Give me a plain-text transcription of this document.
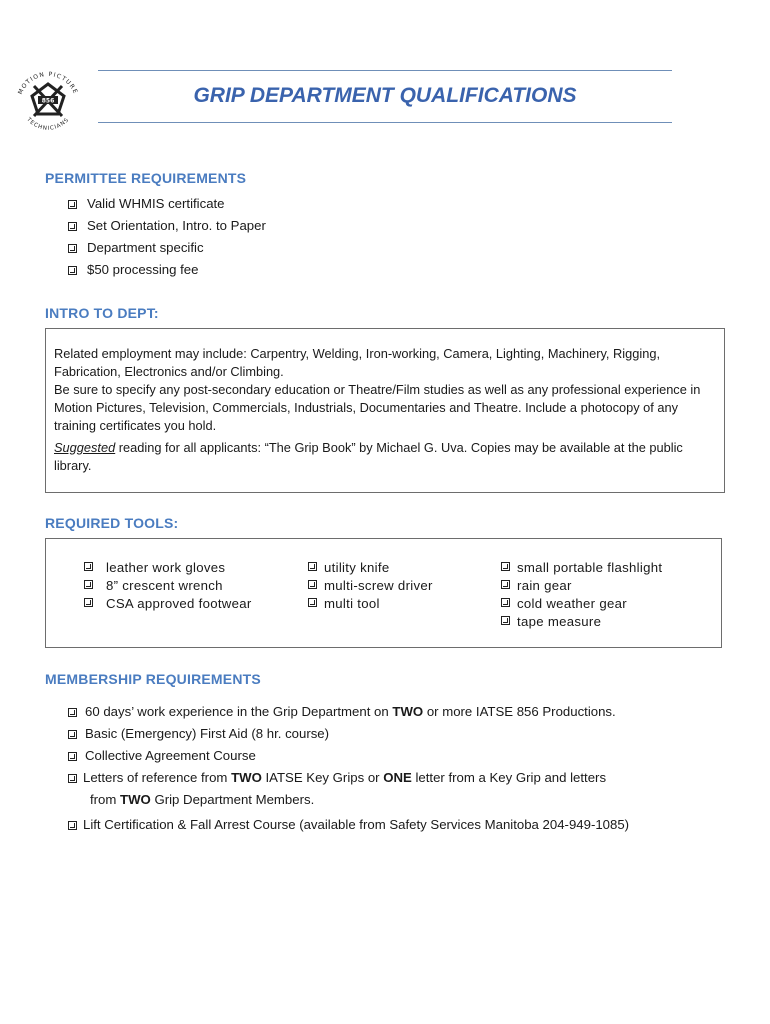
MOTION PICTURE
TECHNICIANS
856	GRIP DEPARTMENT QUALIFICATIONS
PERMITTEE REQUIREMENTS
Valid WHMIS certificate
Set Orientation, Intro. to Paper
Department specific
$50 processing fee
INTRO TO DEPT:

Related employment may include: Carpentry, Welding, Iron-working, Camera, Lighting, Machinery, Rigging, Fabrication, Electronics and/or Climbing.
Be sure to specify any post-secondary education or Theatre/Film studies as well as any professional experience in Motion Pictures, Television, Commercials, Industrials, Documentaries and Theatre. Include a photocopy of any training certificates you hold.

Suggested reading for all applicants: “The Grip Book” by Michael G. Uva. Copies may be available at the public library.

REQUIRED TOOLS:
leather work gloves
8” crescent wrench
CSA approved footwear
utility knife
multi-screw driver
multi tool
small portable flashlight
rain gear
cold weather gear
tape measure
MEMBERSHIP REQUIREMENTS
60 days’ work experience in the Grip Department on TWO or more IATSE 856 Productions.
Basic (Emergency) First Aid (8 hr. course)
Collective Agreement Course
Letters of reference from TWO IATSE Key Grips or ONE letter from a Key Grip and letters
from TWO Grip Department Members.
Lift Certification & Fall Arrest Course (available from Safety Services Manitoba 204-949-1085)
